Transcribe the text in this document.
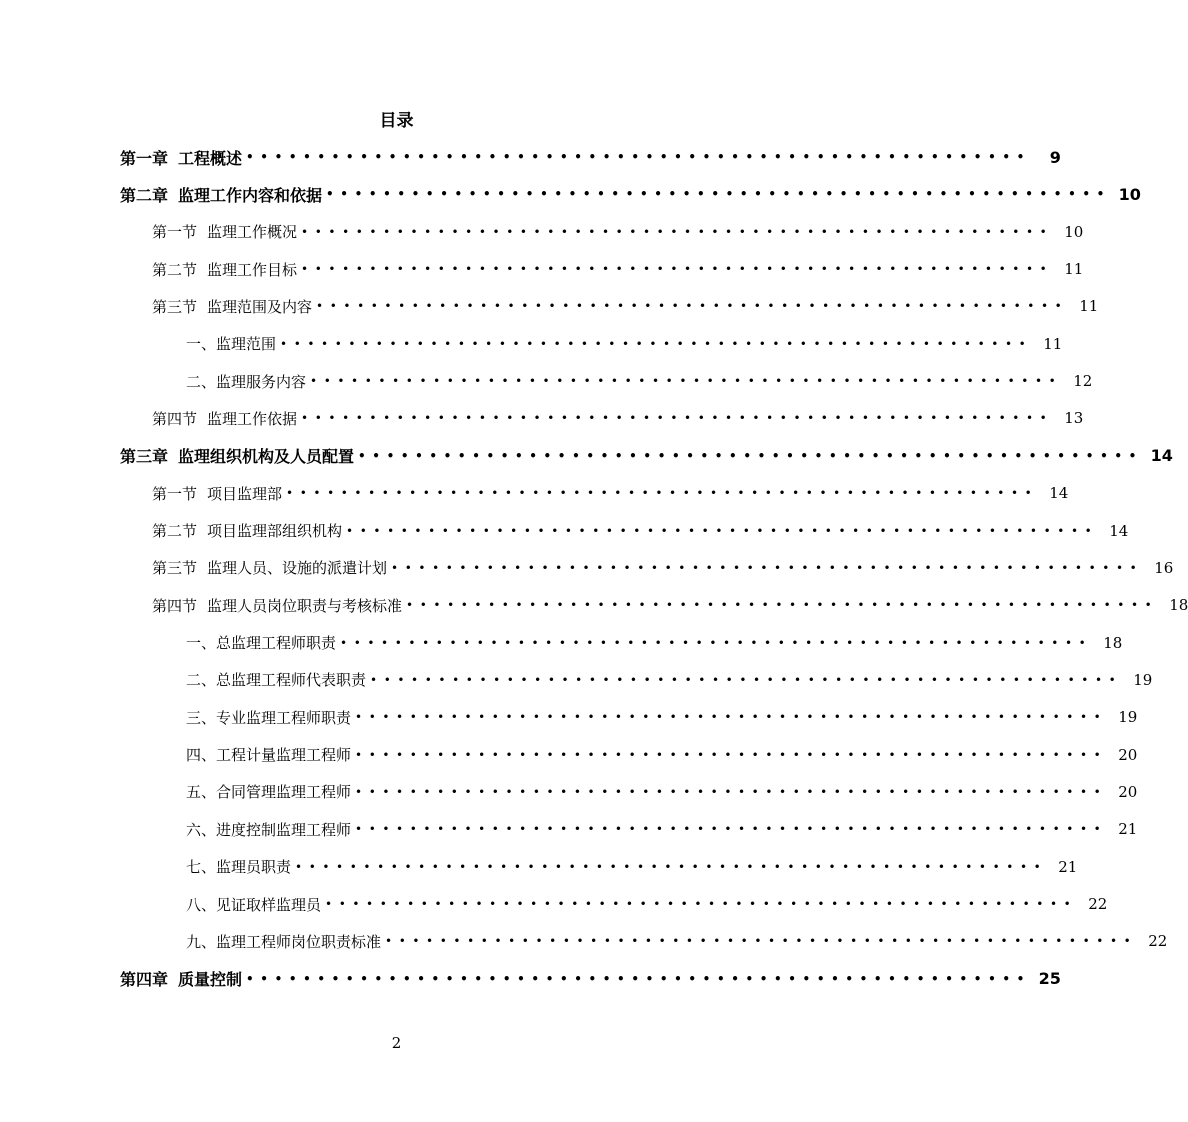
目录
第一章 工程概述 •••••••••••••••••••••••••••••••••••••••••••••••••••••••	9
第二章 监理工作内容和依据 ••••••••••••••••••••••••••••••••••••••••••••••••••••••• 10
第一节 监理工作概况 ••••••••••••••••••••••••••••••••••••••••••••••••••••••• 10
第二节 监理工作目标 ••••••••••••••••••••••••••••••••••••••••••••••••••••••• 11
第三节 监理范围及内容 ••••••••••••••••••••••••••••••••••••••••••••••••••••••• 11
一、监理范围 ••••••••••••••••••••••••••••••••••••••••••••••••••••••• 11
二、监理服务内容 ••••••••••••••••••••••••••••••••••••••••••••••••••••••• 12
第四节 监理工作依据 ••••••••••••••••••••••••••••••••••••••••••••••••••••••• 13
第三章 监理组织机构及人员配置 ••••••••••••••••••••••••••••••••••••••••••••••••••••••• 14
第一节 项目监理部 ••••••••••••••••••••••••••••••••••••••••••••••••••••••• 14
第二节 项目监理部组织机构 ••••••••••••••••••••••••••••••••••••••••••••••••••••••• 14
第三节 监理人员、设施的派遣计划 ••••••••••••••••••••••••••••••••••••••••••••••••••••••• 16
第四节 监理人员岗位职责与考核标准 ••••••••••••••••••••••••••••••••••••••••••••••••••••••• 18
一、总监理工程师职责 ••••••••••••••••••••••••••••••••••••••••••••••••••••••• 18
二、总监理工程师代表职责 ••••••••••••••••••••••••••••••••••••••••••••••••••••••• 19
三、专业监理工程师职责 ••••••••••••••••••••••••••••••••••••••••••••••••••••••• 19
四、工程计量监理工程师 ••••••••••••••••••••••••••••••••••••••••••••••••••••••• 20
五、合同管理监理工程师 ••••••••••••••••••••••••••••••••••••••••••••••••••••••• 20
六、进度控制监理工程师 ••••••••••••••••••••••••••••••••••••••••••••••••••••••• 21
七、监理员职责 ••••••••••••••••••••••••••••••••••••••••••••••••••••••• 21
八、见证取样监理员 ••••••••••••••••••••••••••••••••••••••••••••••••••••••• 22
九、监理工程师岗位职责标准 ••••••••••••••••••••••••••••••••••••••••••••••••••••••• 22
第四章 质量控制 ••••••••••••••••••••••••••••••••••••••••••••••••••••••• 25
2
